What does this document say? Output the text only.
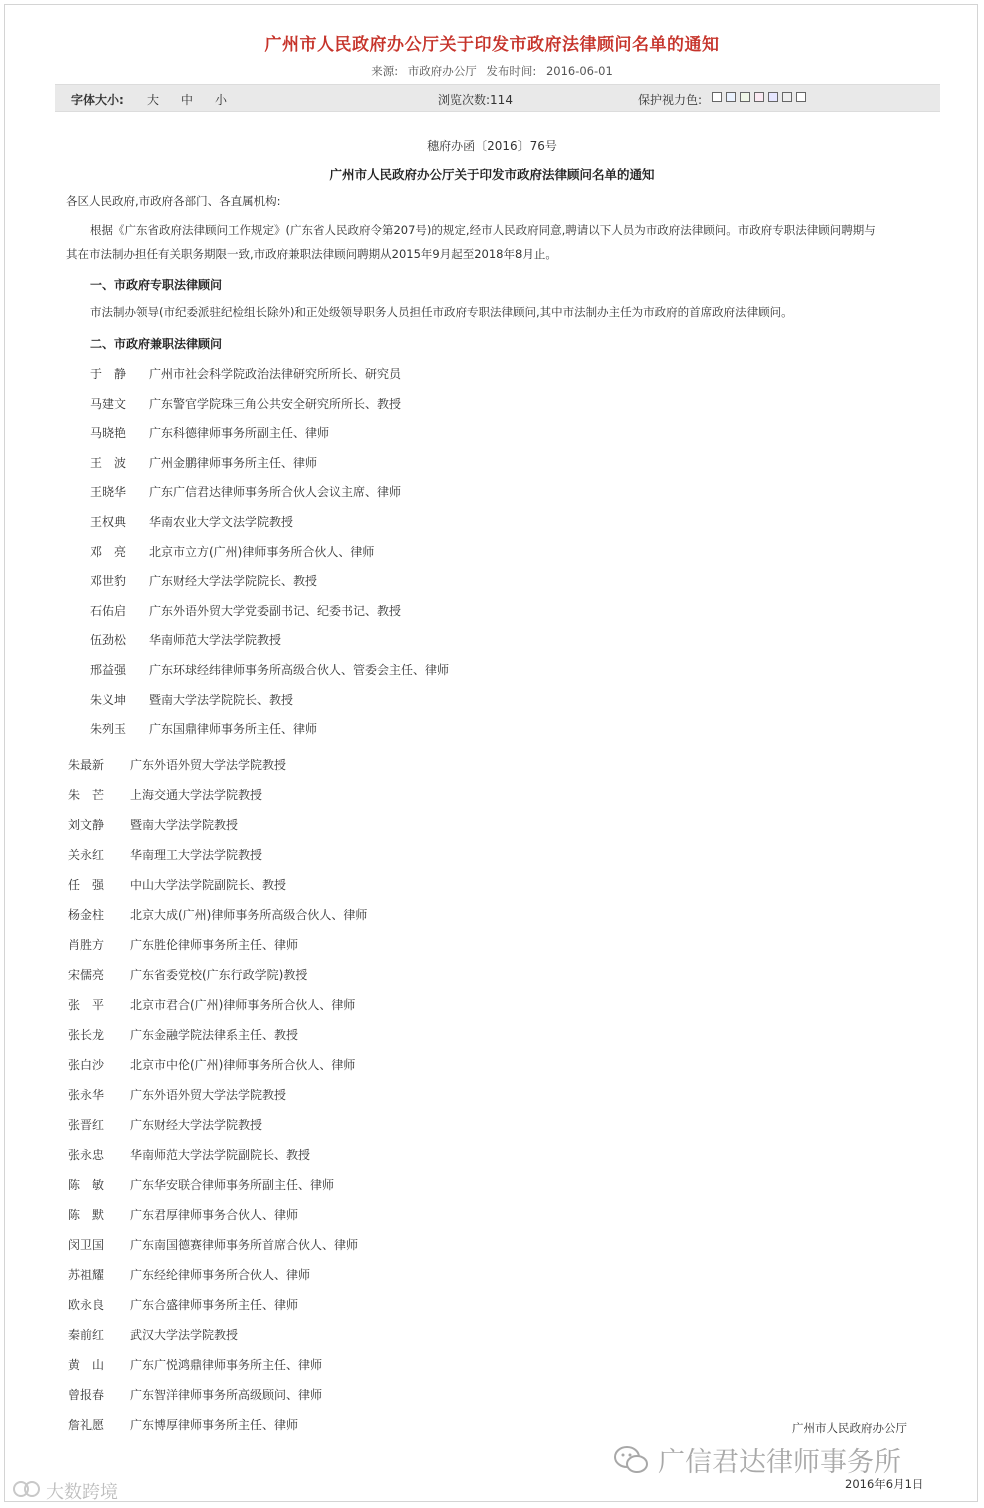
广州市人民政府办公厅关于印发市政府法律顾问名单的通知
来源: 市政府办公厅 发布时间: 2016-06-01
字体大小: 大 中 小	浏览次数:114	保护视力色:
穗府办函〔2016〕76号
广州市人民政府办公厅关于印发市政府法律顾问名单的通知
各区人民政府,市政府各部门、各直属机构:
根据《广东省政府法律顾问工作规定》(广东省人民政府令第207号)的规定,经市人民政府同意,聘请以下人员为市政府法律顾问。市政府专职法律顾问聘期与
其在市法制办担任有关职务期限一致,市政府兼职法律顾问聘期从2015年9月起至2018年8月止。
一、市政府专职法律顾问
市法制办领导(市纪委派驻纪检组长除外)和正处级领导职务人员担任市政府专职法律顾问,其中市法制办主任为市政府的首席政府法律顾问。
二、市政府兼职法律顾问
于　静 广州市社会科学院政治法律研究所所长、研究员
马建文 广东警官学院珠三角公共安全研究所所长、教授
马晓艳 广东科德律师事务所副主任、律师
王　波 广州金鹏律师事务所主任、律师
王晓华 广东广信君达律师事务所合伙人会议主席、律师
王权典 华南农业大学文法学院教授
邓　亮 北京市立方(广州)律师事务所合伙人、律师
邓世豹 广东财经大学法学院院长、教授
石佑启 广东外语外贸大学党委副书记、纪委书记、教授
伍劲松 华南师范大学法学院教授
邢益强 广东环球经纬律师事务所高级合伙人、管委会主任、律师
朱义坤 暨南大学法学院院长、教授
朱列玉 广东国鼎律师事务所主任、律师
朱最新 广东外语外贸大学法学院教授
朱　芒 上海交通大学法学院教授
刘文静 暨南大学法学院教授
关永红 华南理工大学法学院教授
任　强 中山大学法学院副院长、教授
杨金柱 北京大成(广州)律师事务所高级合伙人、律师
肖胜方 广东胜伦律师事务所主任、律师
宋儒亮 广东省委党校(广东行政学院)教授
张　平 北京市君合(广州)律师事务所合伙人、律师
张长龙 广东金融学院法律系主任、教授
张白沙 北京市中伦(广州)律师事务所合伙人、律师
张永华 广东外语外贸大学法学院教授
张晋红 广东财经大学法学院教授
张永忠 华南师范大学法学院副院长、教授
陈　敏 广东华安联合律师事务所副主任、律师
陈　默 广东君厚律师事务合伙人、律师
闵卫国 广东南国德赛律师事务所首席合伙人、律师
苏祖耀 广东经纶律师事务所合伙人、律师
欧永良 广东合盛律师事务所主任、律师
秦前红 武汉大学法学院教授
黄　山 广东广悦鸿鼎律师事务所主任、律师
曾报春 广东智洋律师事务所高级顾问、律师
詹礼愿 广东博厚律师事务所主任、律师	广州市人民政府办公厅
2016年6月1日
大数跨境
广信君达律师事务所
